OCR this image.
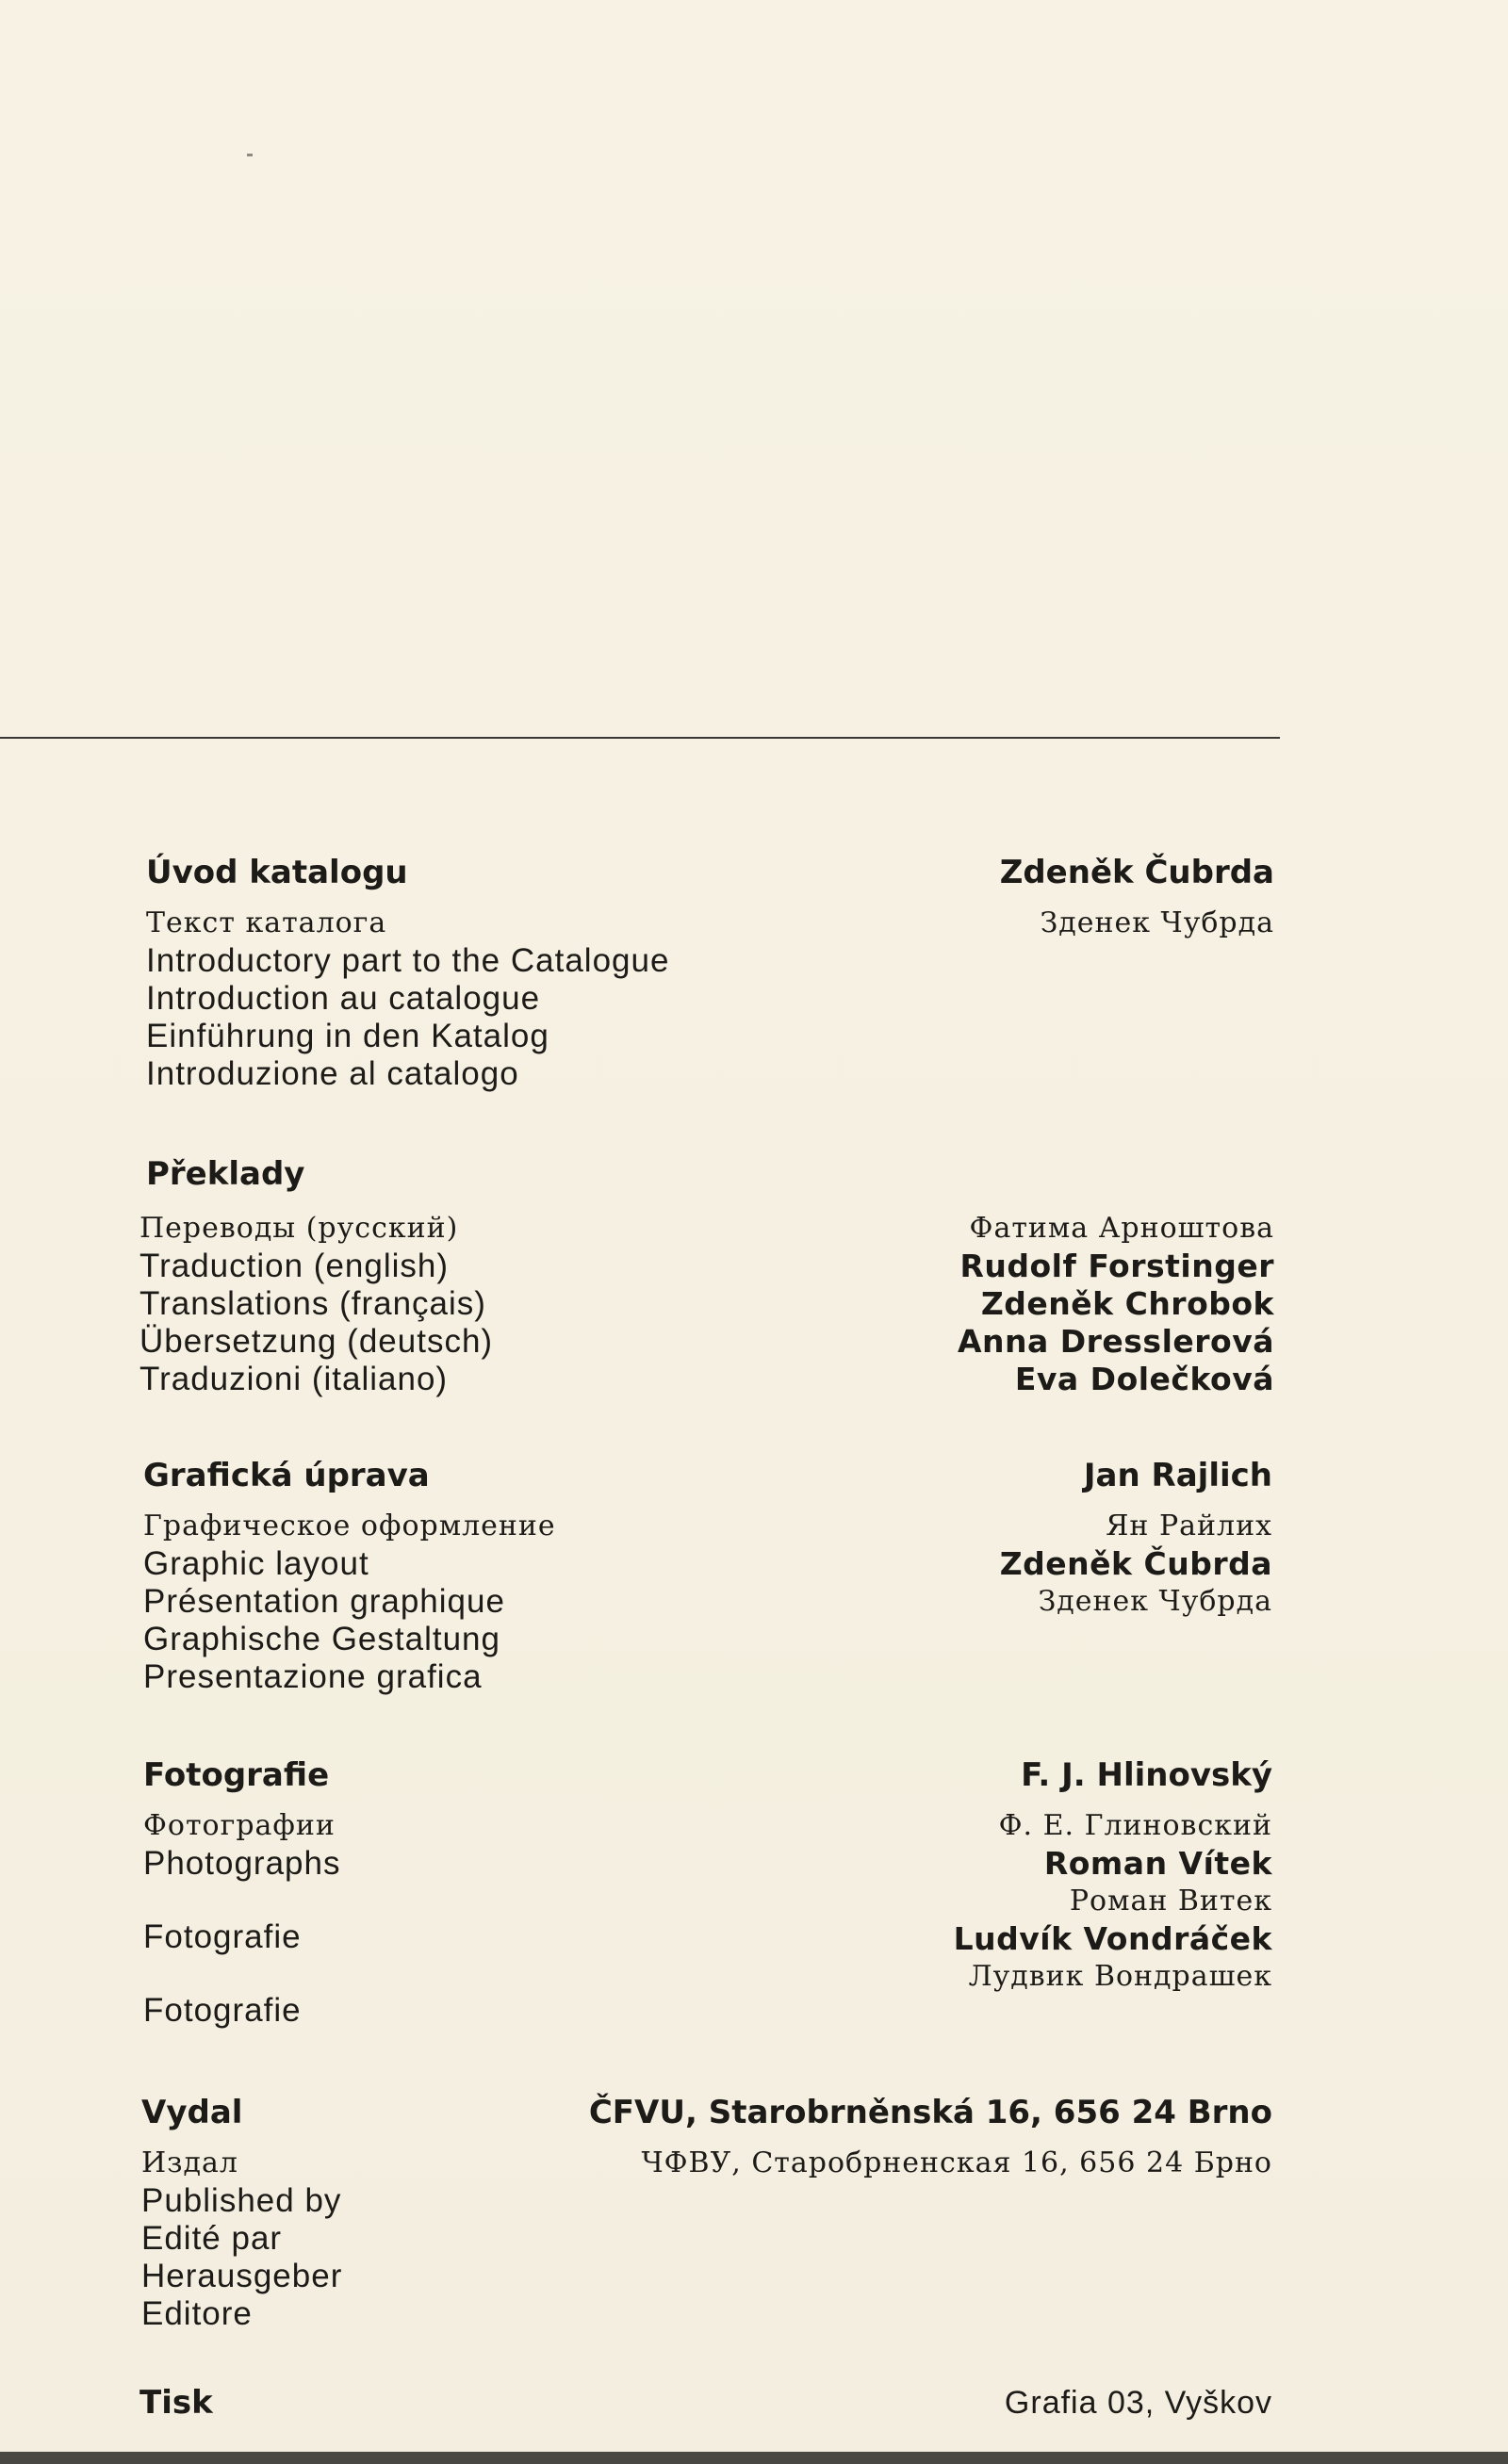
Úvod katalogu
Текст каталога
Introductory part to the Catalogue
Introduction au catalogue
Einführung in den Katalog
Introduzione al catalogo
Zdeněk Čubrda
Зденек Чубрда
Překlady
Переводы (русский)
Traduction (english)
Translations (français)
Übersetzung (deutsch)
Traduzioni (italiano)
Фатима Арноштова
Rudolf Forstinger
Zdeněk Chrobok
Anna Dresslerová
Eva Dolečková
Grafická úprava
Графическое оформление
Graphic layout
Présentation graphique
Graphische Gestaltung
Presentazione grafica
Jan Rajlich
Ян Райлих
Zdeněk Čubrda
Зденек Чубрда
Fotografie
Фотографии
Photographs
Fotografie
Fotografie
F. J. Hlinovský
Ф. Е. Глиновский
Roman Vítek
Роман Витек
Ludvík Vondráček
Лудвик Вондрашек
Vydal
Издал
Published by
Edité par
Herausgeber
Editore
ČFVU, Starobrněnská 16, 656 24 Brno
ЧФВУ, Старобрненская 16, 656 24 Брно
Tisk	Grafia 03, Vyškov
